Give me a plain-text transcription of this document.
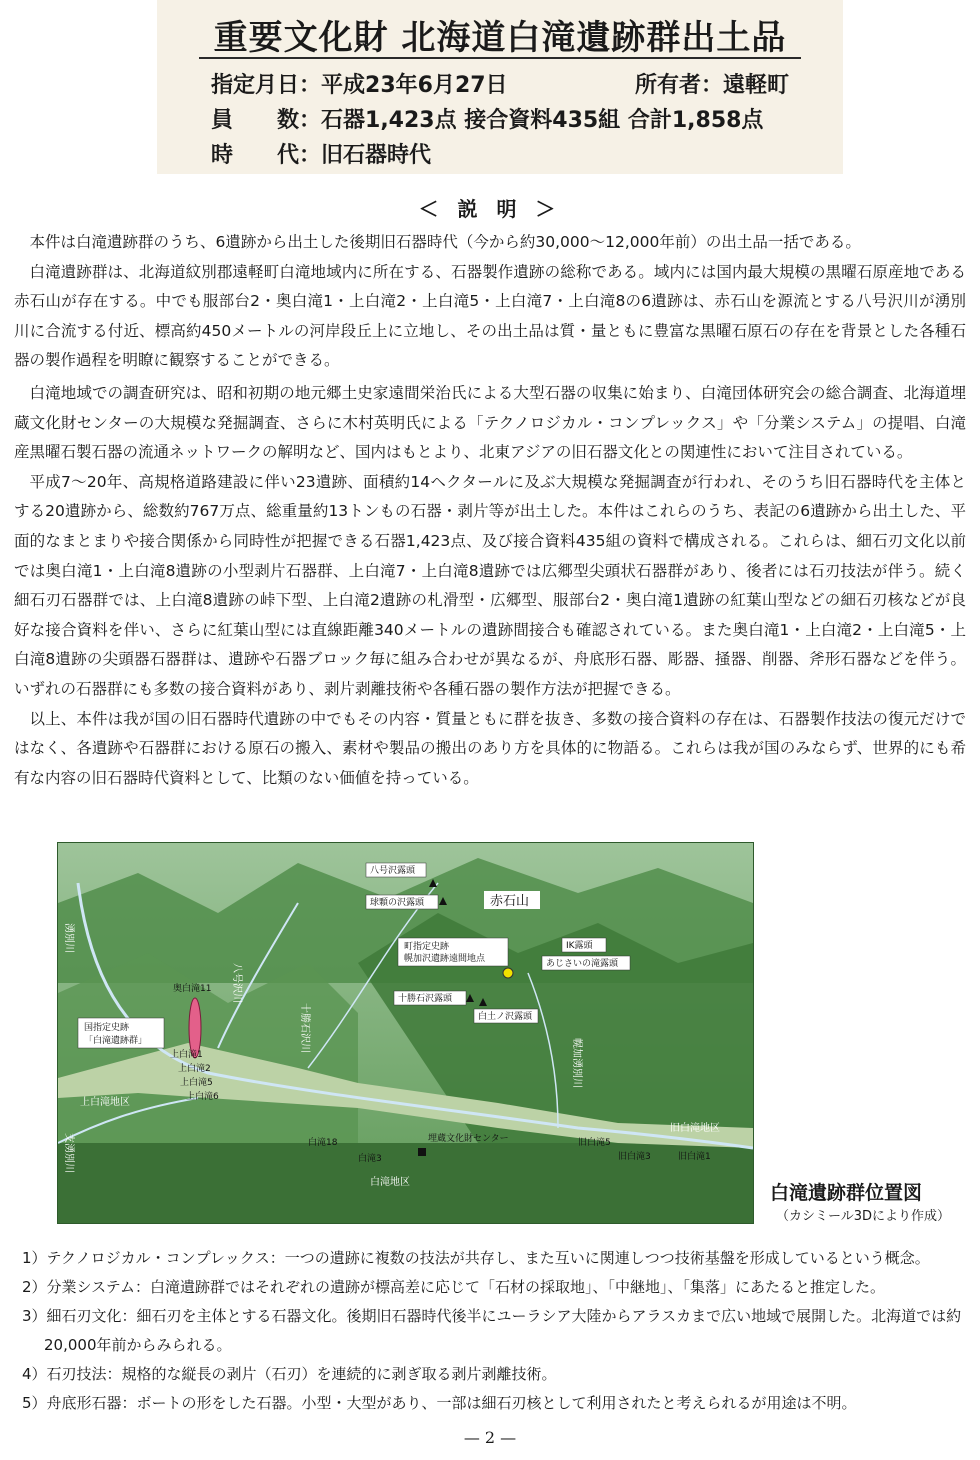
重要文化財 北海道白滝遺跡群出土品
指定月日：平成23年6月27日	所有者：遠軽町
員　　数：石器1,423点 接合資料435組 合計1,858点
時　　代：旧石器時代
＜ 説 明 ＞

本件は白滝遺跡群のうち、6遺跡から出土した後期旧石器時代（今から約30,000～12,000年前）の出土品一括である。

白滝遺跡群は、北海道紋別郡遠軽町白滝地域内に所在する、石器製作遺跡の総称である。域内には国内最大規模の黒曜石原産地である赤石山が存在する。中でも服部台2・奥白滝1・上白滝2・上白滝5・上白滝7・上白滝8の6遺跡は、赤石山を源流とする八号沢川が湧別川に合流する付近、標高約450メートルの河岸段丘上に立地し、その出土品は質・量ともに豊富な黒曜石原石の存在を背景とした各種石器の製作過程を明瞭に観察することができる。

白滝地域での調査研究は、昭和初期の地元郷土史家遠間栄治氏による大型石器の収集に始まり、白滝団体研究会の総合調査、北海道埋蔵文化財センターの大規模な発掘調査、さらに木村英明氏による「テクノロジカル・コンプレックス」や「分業システム」の提唱、白滝産黒曜石製石器の流通ネットワークの解明など、国内はもとより、北東アジアの旧石器文化との関連性において注目されている。

平成7～20年、高規格道路建設に伴い23遺跡、面積約14ヘクタールに及ぶ大規模な発掘調査が行われ、そのうち旧石器時代を主体とする20遺跡から、総数約767万点、総重量約13トンもの石器・剥片等が出土した。本件はこれらのうち、表記の6遺跡から出土した、平面的なまとまりや接合関係から同時性が把握できる石器1,423点、及び接合資料435組の資料で構成される。これらは、細石刃文化以前では奥白滝1・上白滝8遺跡の小型剥片石器群、上白滝7・上白滝8遺跡では広郷型尖頭状石器群があり、後者には石刃技法が伴う。続く細石刃石器群では、上白滝8遺跡の峠下型、上白滝2遺跡の札滑型・広郷型、服部台2・奥白滝1遺跡の紅葉山型などの細石刃核などが良好な接合資料を伴い、さらに紅葉山型には直線距離340メートルの遺跡間接合も確認されている。また奥白滝1・上白滝2・上白滝5・上白滝8遺跡の尖頭器石器群は、遺跡や石器ブロック毎に組み合わせが異なるが、舟底形石器、彫器、掻器、削器、斧形石器などを伴う。いずれの石器群にも多数の接合資料があり、剥片剥離技術や各種石器の製作方法が把握できる。

以上、本件は我が国の旧石器時代遺跡の中でもその内容・質量ともに群を抜き、多数の接合資料の存在は、石器製作技法の復元だけではなく、各遺跡や石器群における原石の搬入、素材や製品の搬出のあり方を具体的に物語る。これらは我が国のみならず、世界的にも希有な内容の旧石器時代資料として、比類のない価値を持っている。

八号沢露頭
球顆の沢露頭	赤石山
町指定史跡
幌加沢遺跡遠間地点
IK露頭
あじさいの滝露頭
十勝石沢露頭
白土ノ沢露頭
国指定史跡
「白滝遺跡群」
奥白滝11
上白滝1
上白滝2
上白滝5
上白滝6
上白滝地区
白滝地区
旧白滝地区
湧別川
支湧別川
八号沢川
幌加湧別川
十勝石沢川
埋蔵文化財センター
白滝3
白滝18	旧白滝5
旧白滝3	旧白滝1
白滝遺跡群位置図
（カシミール3Dにより作成）
1）テクノロジカル・コンプレックス：一つの遺跡に複数の技法が共存し、また互いに関連しつつ技術基盤を形成しているという概念。
2）分業システム：白滝遺跡群ではそれぞれの遺跡が標高差に応じて「石材の採取地」、「中継地」、「集落」にあたると推定した。
3）細石刃文化：細石刃を主体とする石器文化。後期旧石器時代後半にユーラシア大陸からアラスカまで広い地域で展開した。北海道では約20,000年前からみられる。
4）石刃技法：規格的な縦長の剥片（石刃）を連続的に剥ぎ取る剥片剥離技術。
5）舟底形石器：ボートの形をした石器。小型・大型があり、一部は細石刃核として利用されたと考えられるが用途は不明。
— 2 —
